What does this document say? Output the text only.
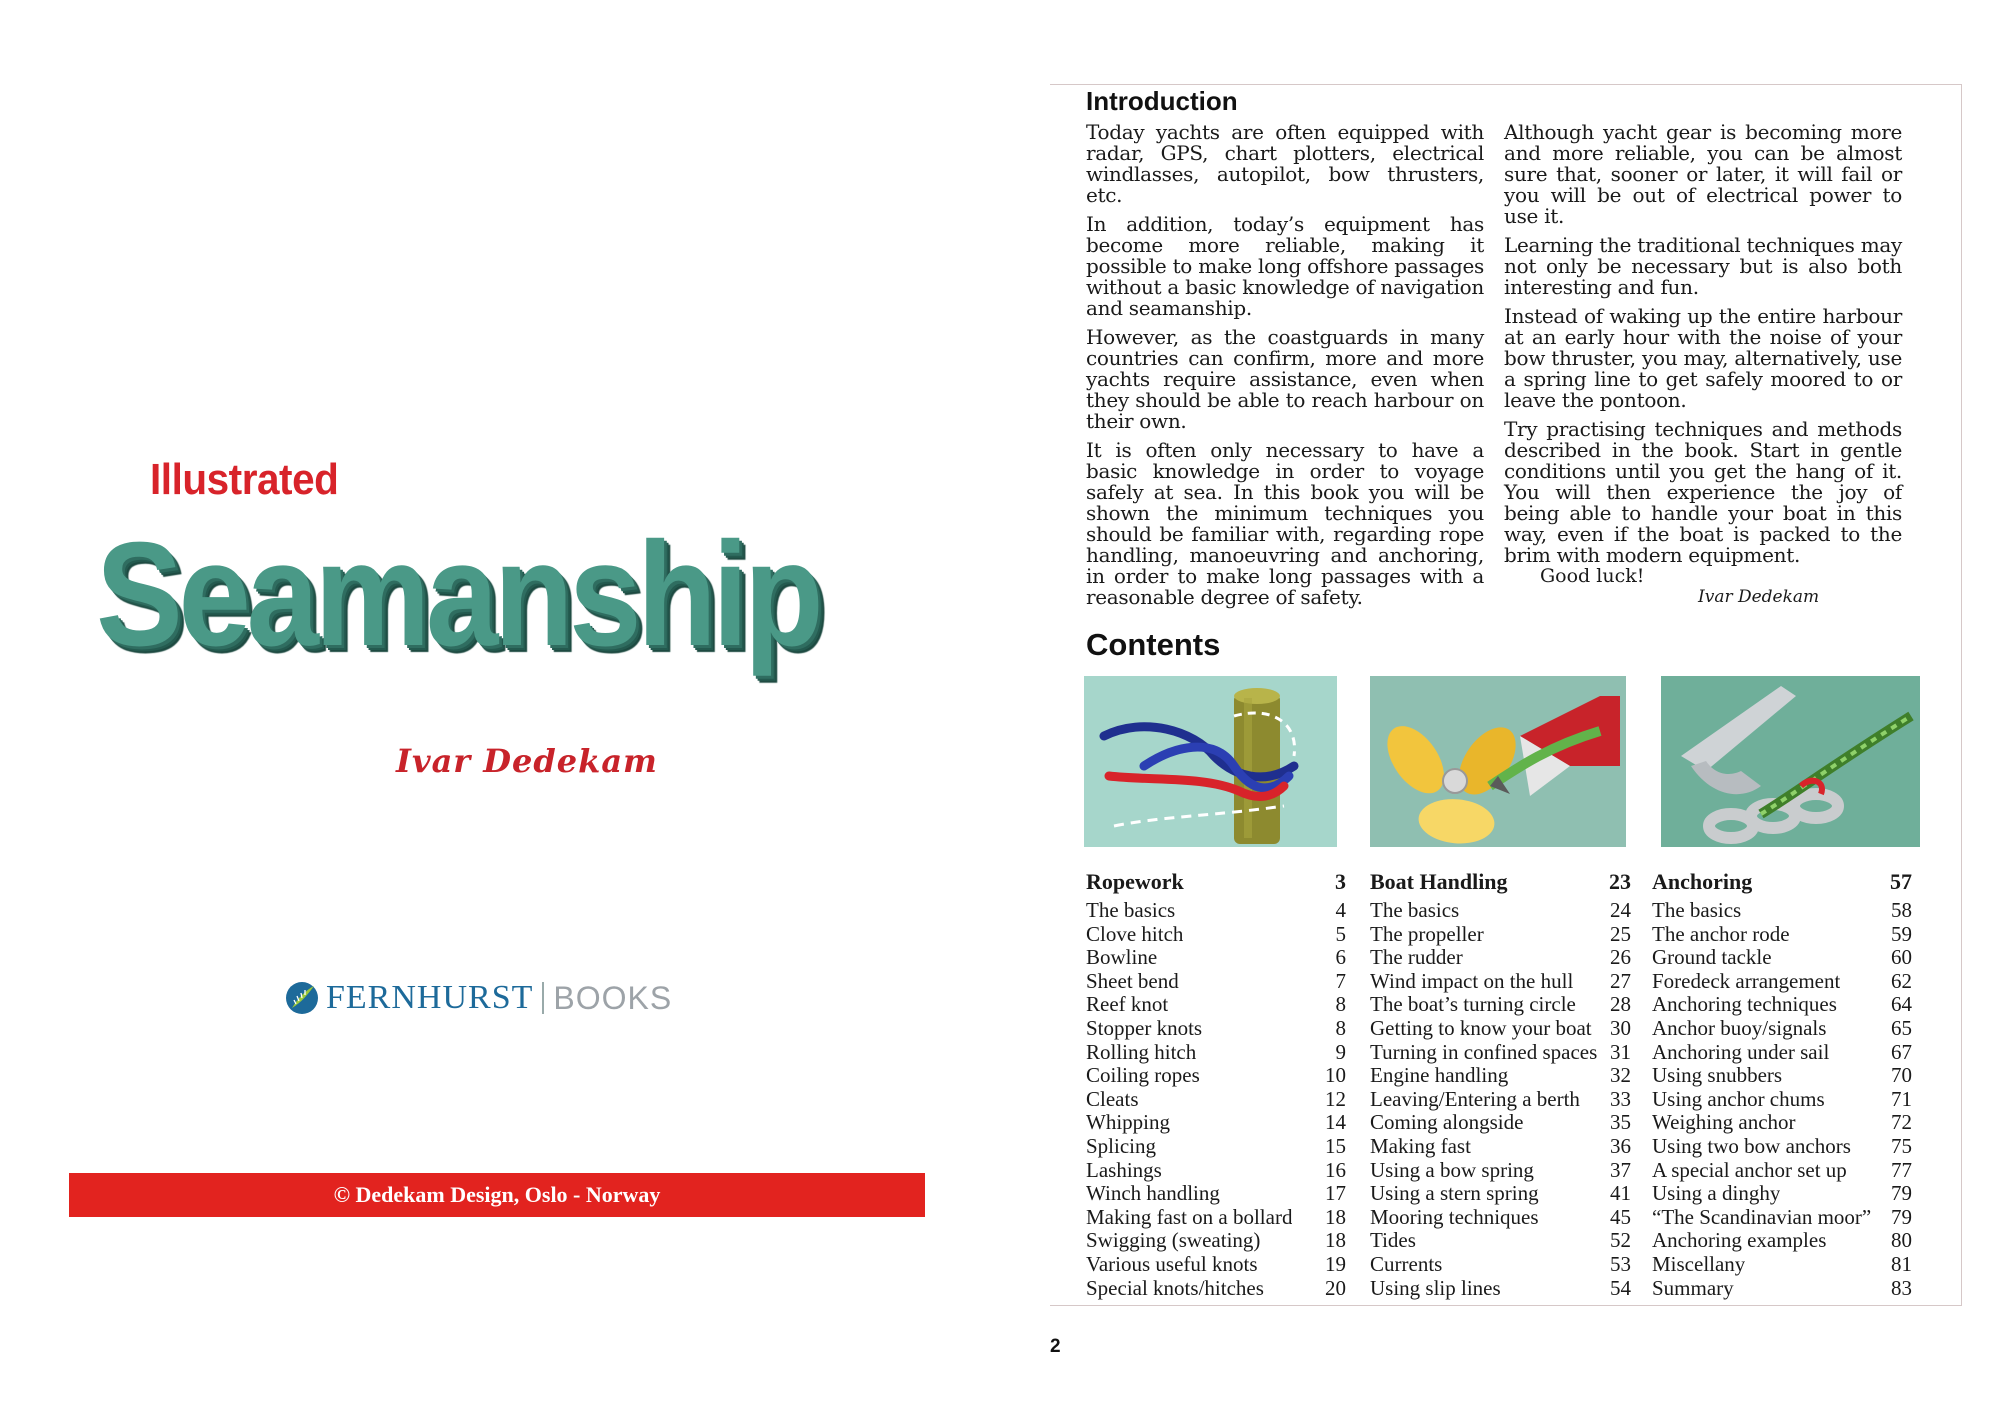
Illustrated
Seamanship
Ivar Dedekam
FERNHURST BOOKS
© Dedekam Design, Oslo - Norway
Introduction

Today yachts are often equipped with radar, GPS, chart plotters, electrical windlasses, autopilot, bow thrusters, etc.

In addition, today’s equipment has become more reliable, making it possible to make long offshore passages without a basic knowledge of navigation and seamanship.

However, as the coastguards in many countries can confirm, more and more yachts require assistance, even when they should be able to reach harbour on their own.

It is often only necessary to have a basic knowledge in order to voyage safely at sea. In this book you will be shown the minimum techniques you should be familiar with, regarding rope handling, manoeuvring and anchoring, in order to make long passages with a reasonable degree of safety.

Although yacht gear is becoming more and more reliable, you can be almost sure that, sooner or later, it will fail or you will be out of electrical power to use it.

Learning the traditional techniques may not only be necessary but is also both interesting and fun.

Instead of waking up the entire harbour at an early hour with the noise of your bow thruster, you may, alternatively, use a spring line to get safely moored to or leave the pontoon.

Try practising techniques and methods described in the book. Start in gentle conditions until you get the hang of it. You will then experience the joy of being able to handle your boat in this way, even if the boat is packed to the brim with modern equipment.

Good luck!
Ivar Dedekam
Contents
Ropework	3
The basics	4
Clove hitch	5
Bowline	6
Sheet bend	7
Reef knot	8
Stopper knots	8
Rolling hitch	9
Coiling ropes	10
Cleats	12
Whipping	14
Splicing	15
Lashings	16
Winch handling	17
Making fast on a bollard 18
Swigging (sweating)	18
Various useful knots	19
Special knots/hitches	20
Boat Handling	23
The basics	24
The propeller	25
The rudder	26
Wind impact on the hull 27
The boat’s turning circle 28
Getting to know your boat 30
Turning in confined spaces 31
Engine handling	32
Leaving/Entering a berth 33
Coming alongside	35
Making fast	36
Using a bow spring	37
Using a stern spring	41
Mooring techniques	45
Tides	52
Currents	53
Using slip lines	54
Anchoring	57
The basics	58
The anchor rode	59
Ground tackle	60
Foredeck arrangement 62
Anchoring techniques	64
Anchor buoy/signals	65
Anchoring under sail	67
Using snubbers	70
Using anchor chums	71
Weighing anchor	72
Using two bow anchors 75
A special anchor set up 77
Using a dinghy	79
“The Scandinavian moor” 79
Anchoring examples	80
Miscellany	81
Summary	83
2
